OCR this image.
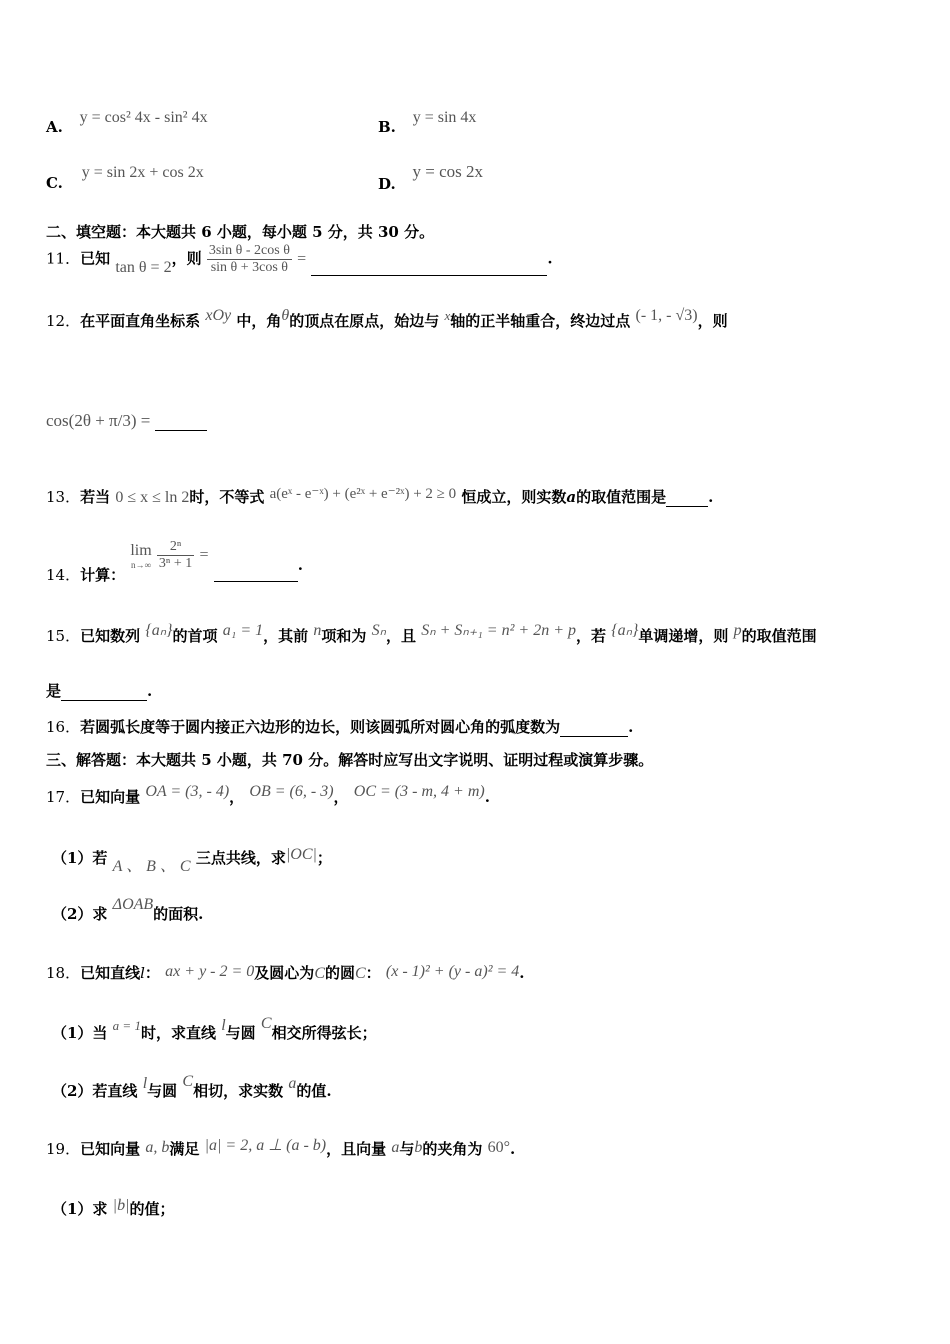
A. y = cos² 4x - sin² 4x
B. y = sin 4x
C. y = sin 2x + cos 2x
D. y = cos 2x
二、填空题：本大题共 6 小题，每小题 5 分，共 30 分。
11．已知 tan θ = 2，则 $\frac{\text{3sin θ - 2cos θ}}{\text{sin θ + 3cos θ}}$ =	.
12．在平面直角坐标系 xOy 中，角θ的顶点在原点，始边与 x轴的正半轴重合，终边过点 (- 1, - √3)，则
cos(2θ + π/3) =
13．若当 0 ≤ x ≤ ln 2时，不等式 a(eˣ - e⁻ˣ) + (e²ˣ + e⁻²ˣ) + 2 ≥ 0 恒成立，则实数a的取值范围是	.
14．计算：
lim
n→∞
$\frac{\text{2ⁿ}}{\text{3ⁿ + 1}}$ = .
15．已知数列 {aₙ}的首项 a₁ = 1，其前 n项和为 Sₙ，且 Sₙ + Sₙ₊₁ = n² + 2n + p，若 {aₙ}单调递增，则 p的取值范围
是	.
16．若圆弧长度等于圆内接正六边形的边长，则该圆弧所对圆心角的弧度数为	.
三、解答题：本大题共 5 小题，共 70 分。解答时应写出文字说明、证明过程或演算步骤。
17．已知向量 OA = (3, - 4)， OB = (6, - 3)， OC = (3 - m, 4 + m).
（1）若 A 、 B 、 C 三点共线，求|OC|；
（2）求 ΔOAB的面积.
18．已知直线l： ax + y - 2 = 0及圆心为C的圆C： (x - 1)² + (y - a)² = 4.
（1）当 a = 1时，求直线 l与圆 C相交所得弦长；
（2）若直线 l与圆 C相切，求实数 a的值.
19．已知向量 a, b满足 |a| = 2, a ⊥ (a - b)，且向量 a与b的夹角为 60°.
（1）求 |b|的值；
